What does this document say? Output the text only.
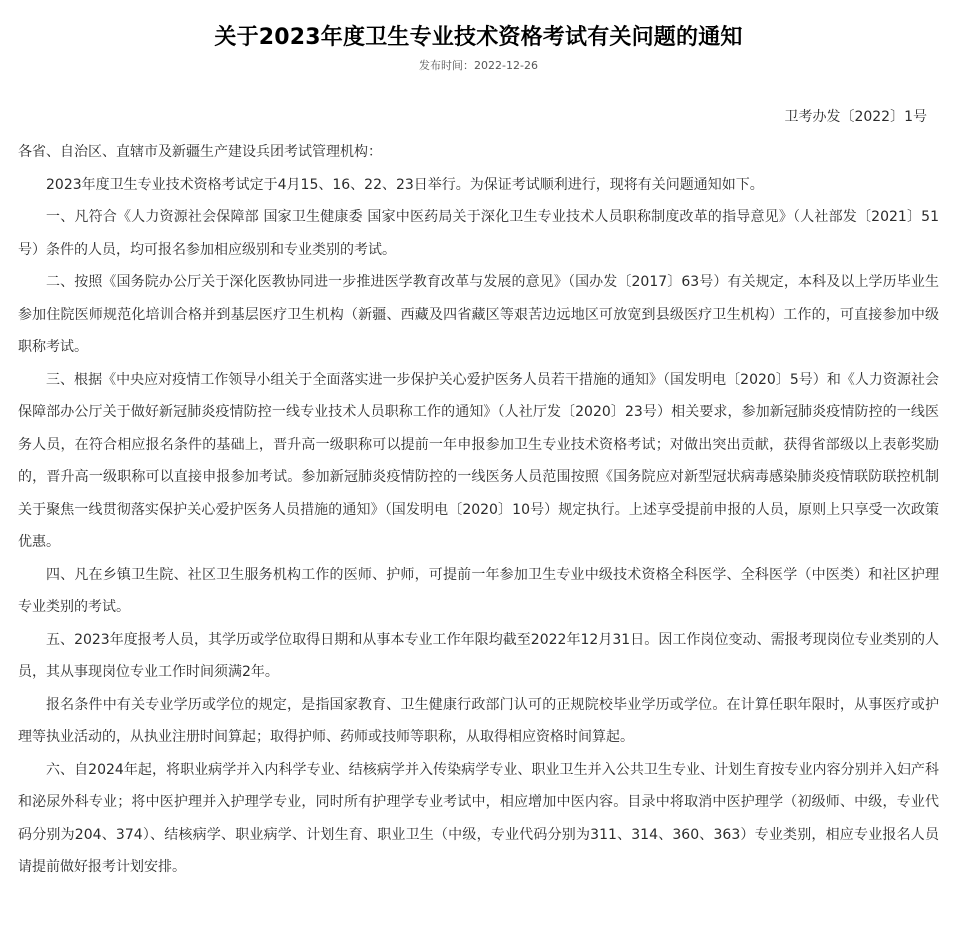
关于2023年度卫生专业技术资格考试有关问题的通知
发布时间：2022-12-26
卫考办发〔2022〕1号

各省、自治区、直辖市及新疆生产建设兵团考试管理机构：

2023年度卫生专业技术资格考试定于4月15、16、22、23日举行。为保证考试顺利进行，现将有关问题通知如下。

一、凡符合《人力资源社会保障部 国家卫生健康委 国家中医药局关于深化卫生专业技术人员职称制度改革的指导意见》（人社部发〔2021〕51号）条件的人员，均可报名参加相应级别和专业类别的考试。

二、按照《国务院办公厅关于深化医教协同进一步推进医学教育改革与发展的意见》（国办发〔2017〕63号）有关规定，本科及以上学历毕业生参加住院医师规范化培训合格并到基层医疗卫生机构（新疆、西藏及四省藏区等艰苦边远地区可放宽到县级医疗卫生机构）工作的，可直接参加中级职称考试。

三、根据《中央应对疫情工作领导小组关于全面落实进一步保护关心爱护医务人员若干措施的通知》（国发明电〔2020〕5号）和《人力资源社会保障部办公厅关于做好新冠肺炎疫情防控一线专业技术人员职称工作的通知》（人社厅发〔2020〕23号）相关要求，参加新冠肺炎疫情防控的一线医务人员，在符合相应报名条件的基础上，晋升高一级职称可以提前一年申报参加卫生专业技术资格考试；对做出突出贡献，获得省部级以上表彰奖励的，晋升高一级职称可以直接申报参加考试。参加新冠肺炎疫情防控的一线医务人员范围按照《国务院应对新型冠状病毒感染肺炎疫情联防联控机制关于聚焦一线贯彻落实保护关心爱护医务人员措施的通知》（国发明电〔2020〕10号）规定执行。上述享受提前申报的人员，原则上只享受一次政策优惠。

四、凡在乡镇卫生院、社区卫生服务机构工作的医师、护师，可提前一年参加卫生专业中级技术资格全科医学、全科医学（中医类）和社区护理专业类别的考试。

五、2023年度报考人员，其学历或学位取得日期和从事本专业工作年限均截至2022年12月31日。因工作岗位变动、需报考现岗位专业类别的人员，其从事现岗位专业工作时间须满2年。

报名条件中有关专业学历或学位的规定，是指国家教育、卫生健康行政部门认可的正规院校毕业学历或学位。在计算任职年限时，从事医疗或护理等执业活动的，从执业注册时间算起；取得护师、药师或技师等职称，从取得相应资格时间算起。

六、自2024年起，将职业病学并入内科学专业、结核病学并入传染病学专业、职业卫生并入公共卫生专业、计划生育按专业内容分别并入妇产科和泌尿外科专业；将中医护理并入护理学专业，同时所有护理学专业考试中，相应增加中医内容。目录中将取消中医护理学（初级师、中级，专业代码分别为204、374）、结核病学、职业病学、计划生育、职业卫生（中级，专业代码分别为311、314、360、363）专业类别，相应专业报名人员请提前做好报考计划安排。
